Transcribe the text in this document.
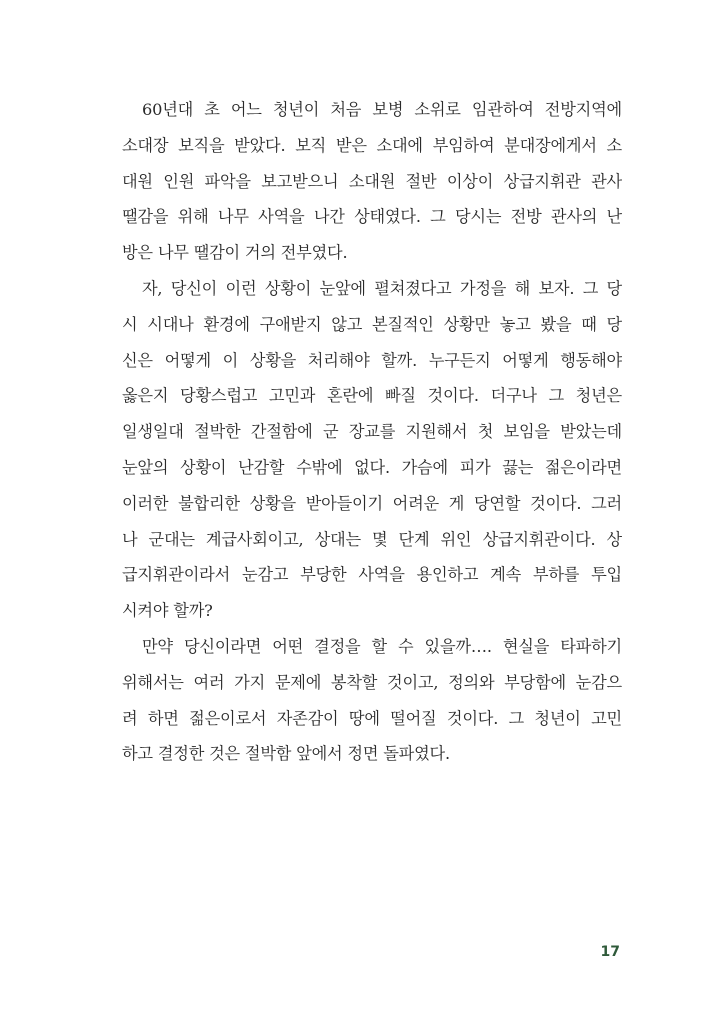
60년대 초 어느 청년이 처음 보병 소위로 임관하여 전방지역에
소대장 보직을 받았다. 보직 받은 소대에 부임하여 분대장에게서 소
대원 인원 파악을 보고받으니 소대원 절반 이상이 상급지휘관 관사
땔감을 위해 나무 사역을 나간 상태였다. 그 당시는 전방 관사의 난
방은 나무 땔감이 거의 전부였다.
자, 당신이 이런 상황이 눈앞에 펼쳐졌다고 가정을 해 보자. 그 당
시 시대나 환경에 구애받지 않고 본질적인 상황만 놓고 봤을 때 당
신은 어떻게 이 상황을 처리해야 할까. 누구든지 어떻게 행동해야
옳은지 당황스럽고 고민과 혼란에 빠질 것이다. 더구나 그 청년은
일생일대 절박한 간절함에 군 장교를 지원해서 첫 보임을 받았는데
눈앞의 상황이 난감할 수밖에 없다. 가슴에 피가 끓는 젊은이라면
이러한 불합리한 상황을 받아들이기 어려운 게 당연할 것이다. 그러
나 군대는 계급사회이고, 상대는 몇 단계 위인 상급지휘관이다. 상
급지휘관이라서 눈감고 부당한 사역을 용인하고 계속 부하를 투입
시켜야 할까?
만약 당신이라면 어떤 결정을 할 수 있을까…. 현실을 타파하기
위해서는 여러 가지 문제에 봉착할 것이고, 정의와 부당함에 눈감으
려 하면 젊은이로서 자존감이 땅에 떨어질 것이다. 그 청년이 고민
하고 결정한 것은 절박함 앞에서 정면 돌파였다.
17
